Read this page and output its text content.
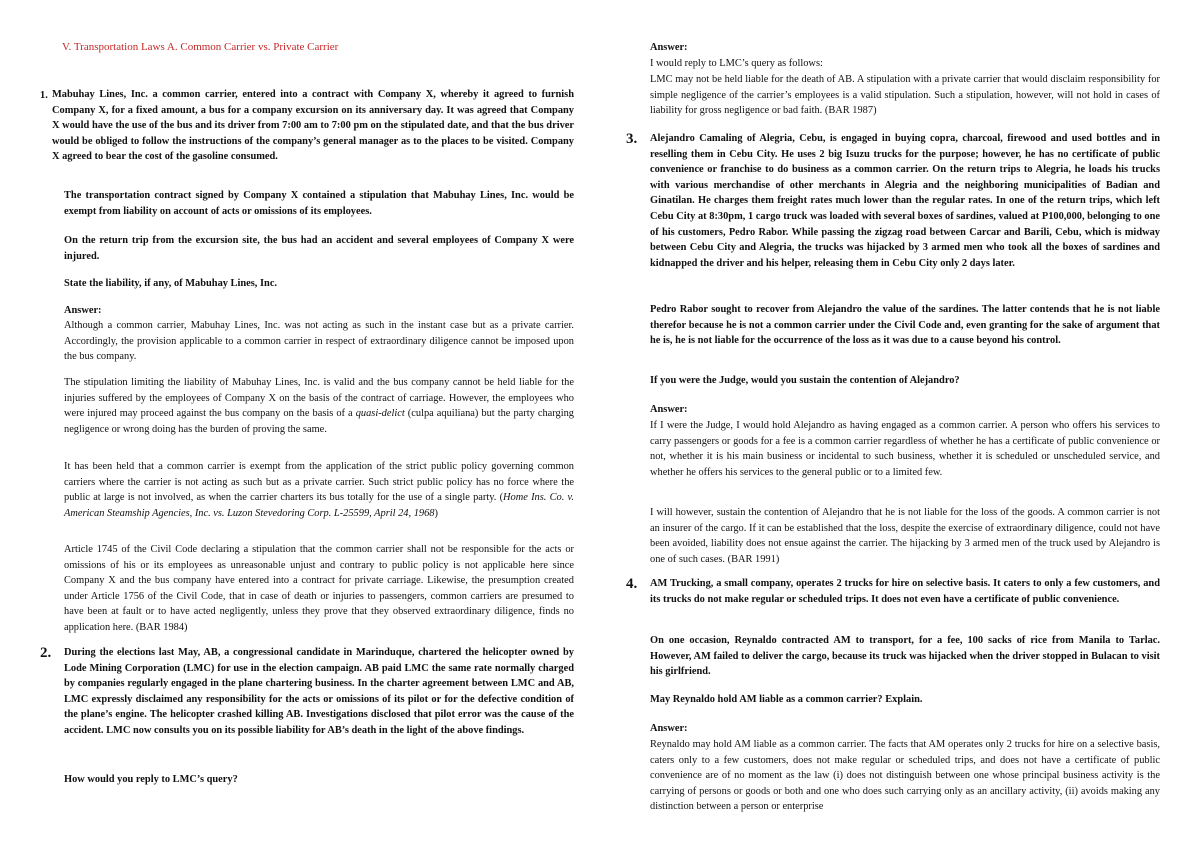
V. Transportation Laws A. Common Carrier vs. Private Carrier
1. Mabuhay Lines, Inc. a common carrier, entered into a contract with Company X, whereby it agreed to furnish Company X, for a fixed amount, a bus for a company excursion on its anniversary day. It was agreed that Company X would have the use of the bus and its driver from 7:00 am to 7:00 pm on the stipulated date, and that the bus driver would be obliged to follow the instructions of the company’s general manager as to the places to be visited. Company X agreed to bear the cost of the gasoline consumed.

The transportation contract signed by Company X contained a stipulation that Mabuhay Lines, Inc. would be exempt from liability on account of acts or omissions of its employees.

On the return trip from the excursion site, the bus had an accident and several employees of Company X were injured.

State the liability, if any, of Mabuhay Lines, Inc.

Answer:

Although a common carrier, Mabuhay Lines, Inc. was not acting as such in the instant case but as a private carrier. Accordingly, the provision applicable to a common carrier in respect of extraordinary diligence cannot be imposed upon the bus company.

The stipulation limiting the liability of Mabuhay Lines, Inc. is valid and the bus company cannot be held liable for the injuries suffered by the employees of Company X on the basis of the contract of carriage. However, the employees who were injured may proceed against the bus company on the basis of a quasi-delict (culpa aquiliana) but the party charging negligence or wrong doing has the burden of proving the same.

It has been held that a common carrier is exempt from the application of the strict public policy governing common carriers where the carrier is not acting as such but as a private carrier. Such strict public policy has no force where the public at large is not involved, as when the carrier charters its bus totally for the use of a single party. (Home Ins. Co. v. American Steamship Agencies, Inc. vs. Luzon Stevedoring Corp. L-25599, April 24, 1968)

Article 1745 of the Civil Code declaring a stipulation that the common carrier shall not be responsible for the acts or omissions of his or its employees as unreasonable unjust and contrary to public policy is not applicable here since Company X and the bus company have entered into a contract for private carriage. Likewise, the presumption created under Article 1756 of the Civil Code, that in case of death or injuries to passengers, common carriers are presumed to have been at fault or to have acted negligently, unless they prove that they observed extraordinary diligence, finds no application here. (BAR 1984)

2. During the elections last May, AB, a congressional candidate in Marinduque, chartered the helicopter owned by Lode Mining Corporation (LMC) for use in the election campaign. AB paid LMC the same rate normally charged by companies regularly engaged in the plane chartering business. In the charter agreement between LMC and AB, LMC expressly disclaimed any responsibility for the acts or omissions of its pilot or for the defective condition of the plane’s engine. The helicopter crashed killing AB. Investigations disclosed that pilot error was the cause of the accident. LMC now consults you on its possible liability for AB’s death in the light of the above findings.

How would you reply to LMC’s query?

Answer:

I would reply to LMC’s query as follows:

LMC may not be held liable for the death of AB. A stipulation with a private carrier that would disclaim responsibility for simple negligence of the carrier’s employees is a valid stipulation. Such a stipulation, however, will not hold in cases of liability for gross negligence or bad faith. (BAR 1987)

3. Alejandro Camaling of Alegria, Cebu, is engaged in buying copra, charcoal, firewood and used bottles and in reselling them in Cebu City. He uses 2 big Isuzu trucks for the purpose; however, he has no certificate of public convenience or franchise to do business as a common carrier. On the return trips to Alegria, he loads his trucks with various merchandise of other merchants in Alegria and the neighboring municipalities of Badian and Ginatilan. He charges them freight rates much lower than the regular rates. In one of the return trips, which left Cebu City at 8:30pm, 1 cargo truck was loaded with several boxes of sardines, valued at P100,000, belonging to one of his customers, Pedro Rabor. While passing the zigzag road between Carcar and Barili, Cebu, which is midway between Cebu City and Alegria, the trucks was hijacked by 3 armed men who took all the boxes of sardines and kidnapped the driver and his helper, releasing them in Cebu City only 2 days later.

Pedro Rabor sought to recover from Alejandro the value of the sardines. The latter contends that he is not liable therefor because he is not a common carrier under the Civil Code and, even granting for the sake of argument that he is, he is not liable for the occurrence of the loss as it was due to a cause beyond his control.

If you were the Judge, would you sustain the contention of Alejandro?

Answer:

If I were the Judge, I would hold Alejandro as having engaged as a common carrier. A person who offers his services to carry passengers or goods for a fee is a common carrier regardless of whether he has a certificate of public convenience or not, whether it is his main business or incidental to such business, whether it is scheduled or unscheduled service, and whether he offers his services to the general public or to a limited few.

I will however, sustain the contention of Alejandro that he is not liable for the loss of the goods. A common carrier is not an insurer of the cargo. If it can be established that the loss, despite the exercise of extraordinary diligence, could not have been avoided, liability does not ensue against the carrier. The hijacking by 3 armed men of the truck used by Alejandro is one of such cases. (BAR 1991)

4. AM Trucking, a small company, operates 2 trucks for hire on selective basis. It caters to only a few customers, and its trucks do not make regular or scheduled trips. It does not even have a certificate of public convenience.

On one occasion, Reynaldo contracted AM to transport, for a fee, 100 sacks of rice from Manila to Tarlac. However, AM failed to deliver the cargo, because its truck was hijacked when the driver stopped in Bulacan to visit his girlfriend.

May Reynaldo hold AM liable as a common carrier? Explain.

Answer:

Reynaldo may hold AM liable as a common carrier. The facts that AM operates only 2 trucks for hire on a selective basis, caters only to a few customers, does not make regular or scheduled trips, and does not have a certificate of public convenience are of no moment as the law (i) does not distinguish between one whose principal business activity is the carrying of persons or goods or both and one who does such carrying only as an ancillary activity, (ii) avoids making any distinction between a person or enterprise
